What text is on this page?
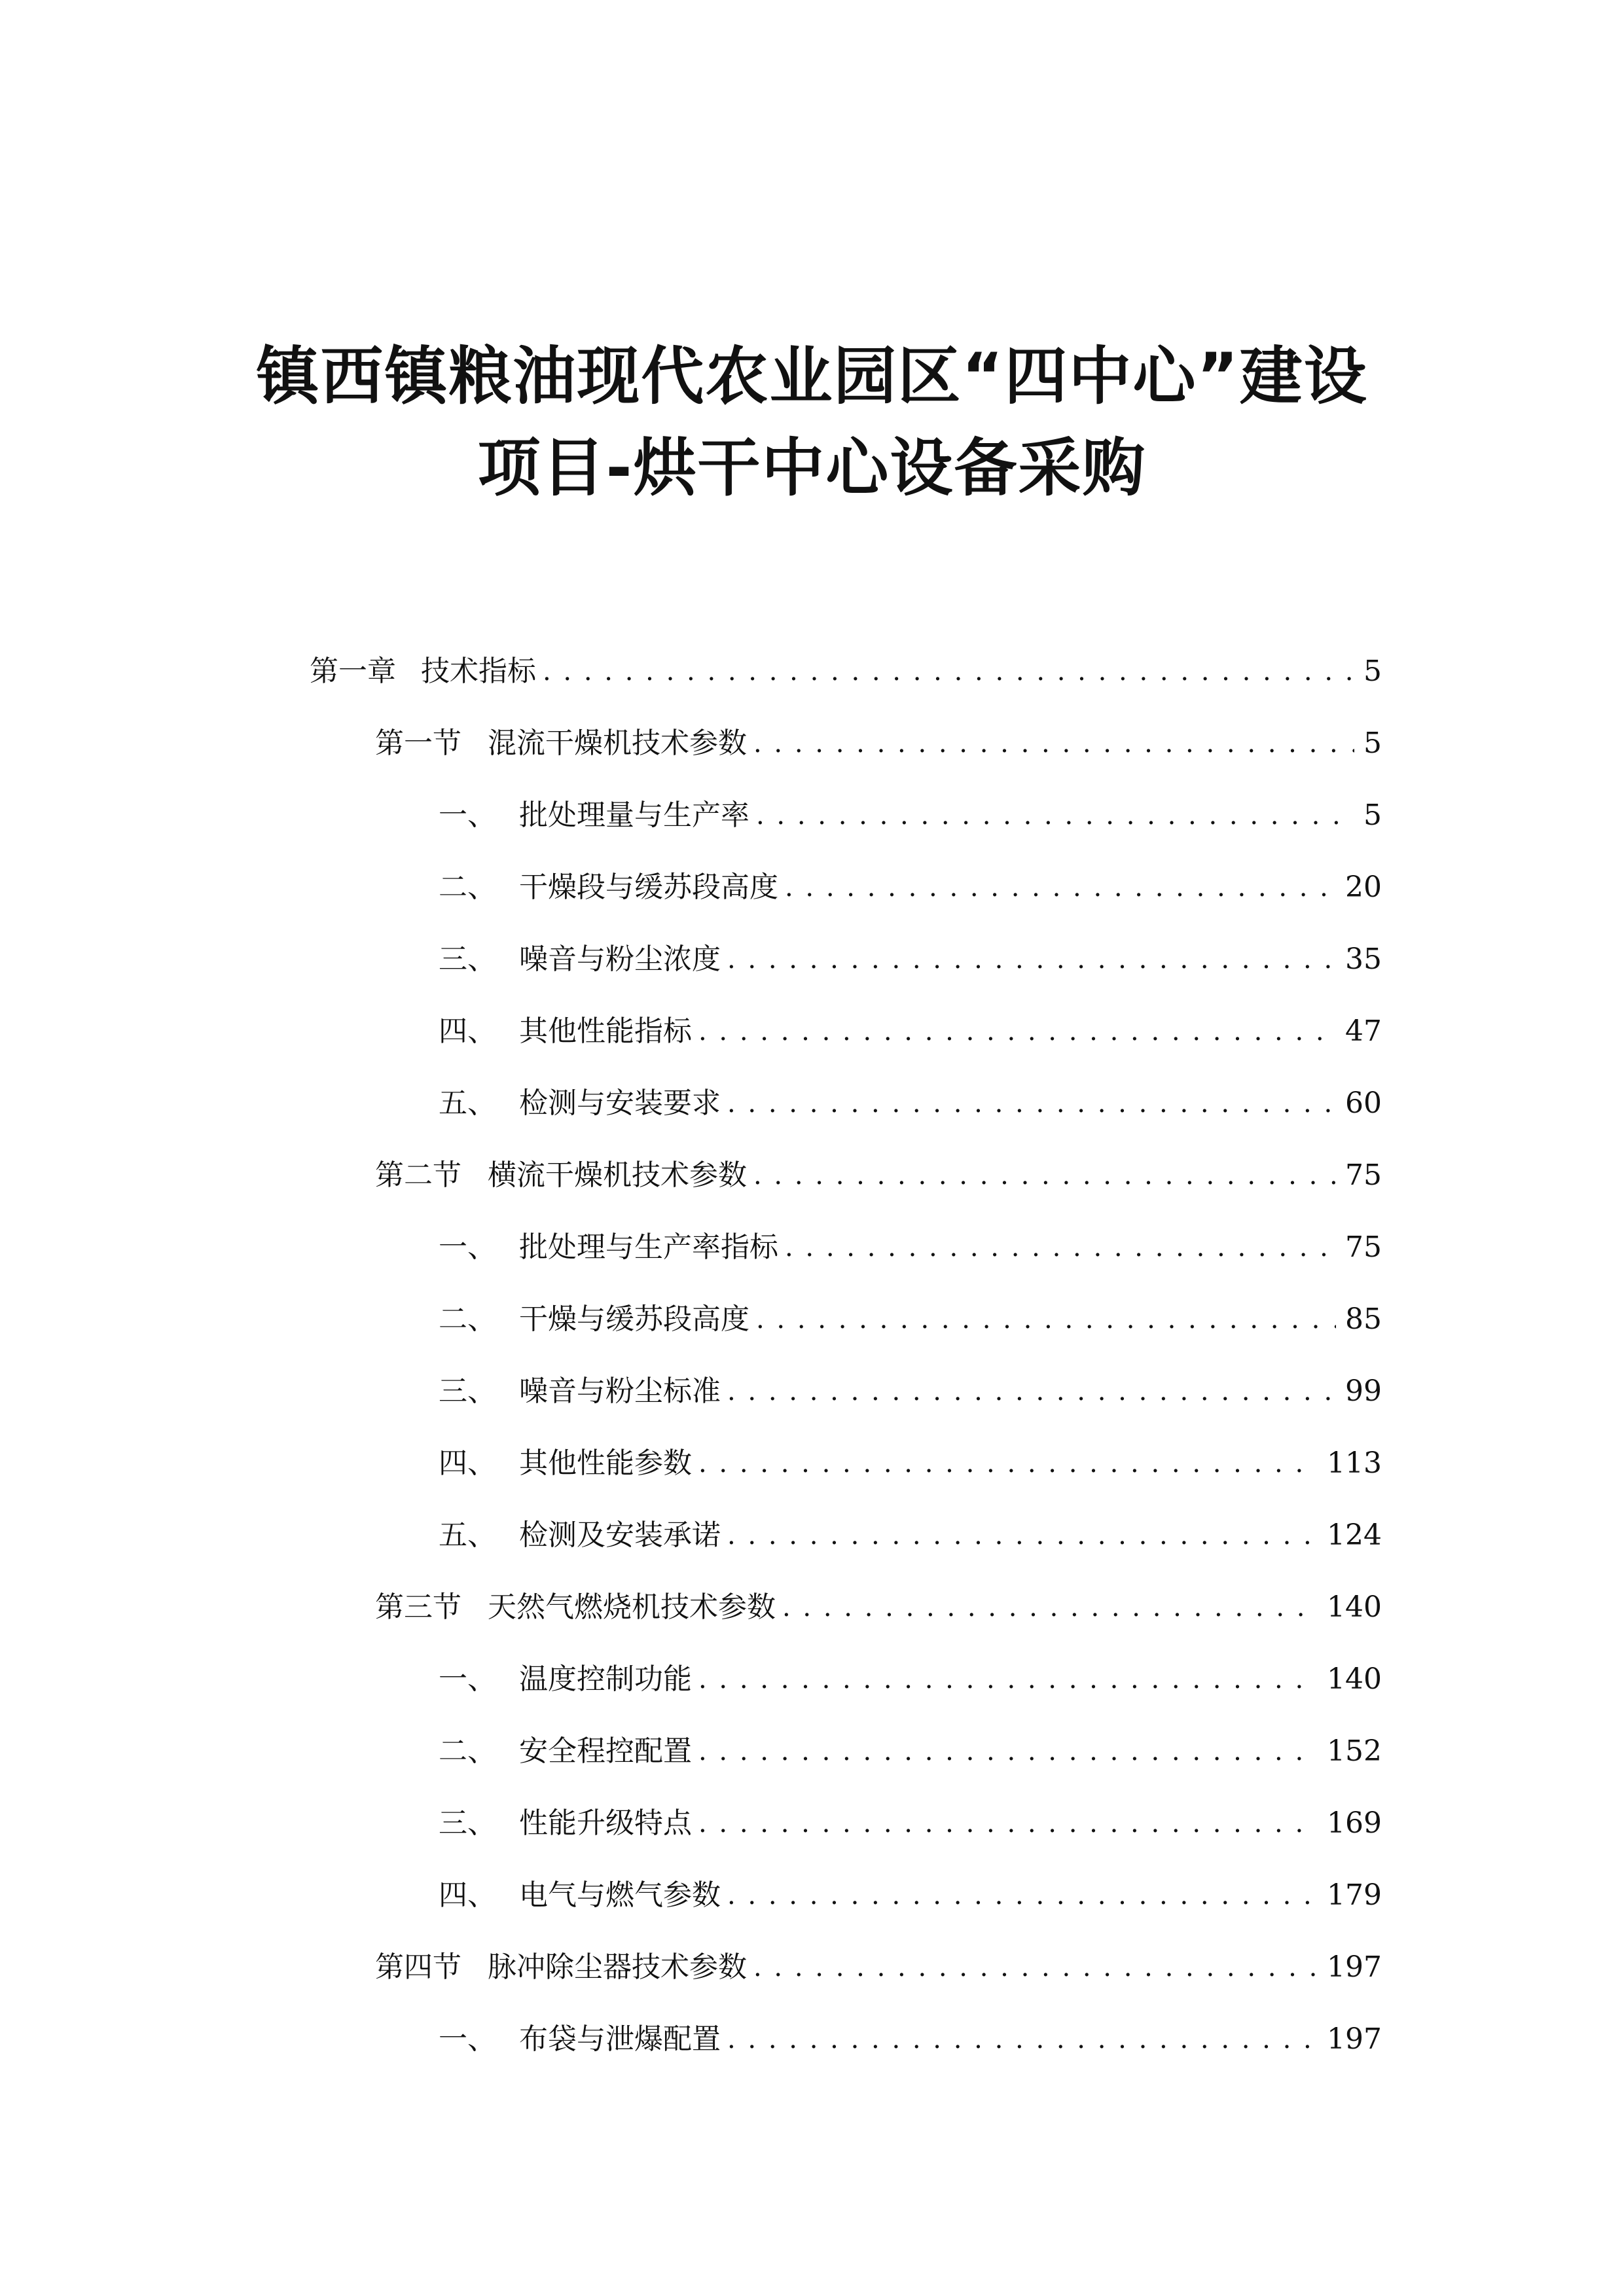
镇西镇粮油现代农业园区“四中心”建设
项目-烘干中心设备采购
第一章 技术指标 . . .	5
第一节 混流干燥机技术参数 . . .	5
一、 批处理量与生产率 . . .	5
二、 干燥段与缓苏段高度 . . .	20
三、 噪音与粉尘浓度 . . .	35
四、 其他性能指标 . . .	47
五、 检测与安装要求 . . .	60
第二节 横流干燥机技术参数 . . .	75
一、 批处理与生产率指标 . . .	75
二、 干燥与缓苏段高度 . . .	85
三、 噪音与粉尘标准 . . .	99
四、 其他性能参数 . . .	113
五、 检测及安装承诺 . . .	124
第三节 天然气燃烧机技术参数 . . .	140
一、 温度控制功能 . . .	140
二、 安全程控配置 . . .	152
三、 性能升级特点 . . .	169
四、 电气与燃气参数 . . .	179
第四节 脉冲除尘器技术参数 . . .	197
一、 布袋与泄爆配置 . . .	197
